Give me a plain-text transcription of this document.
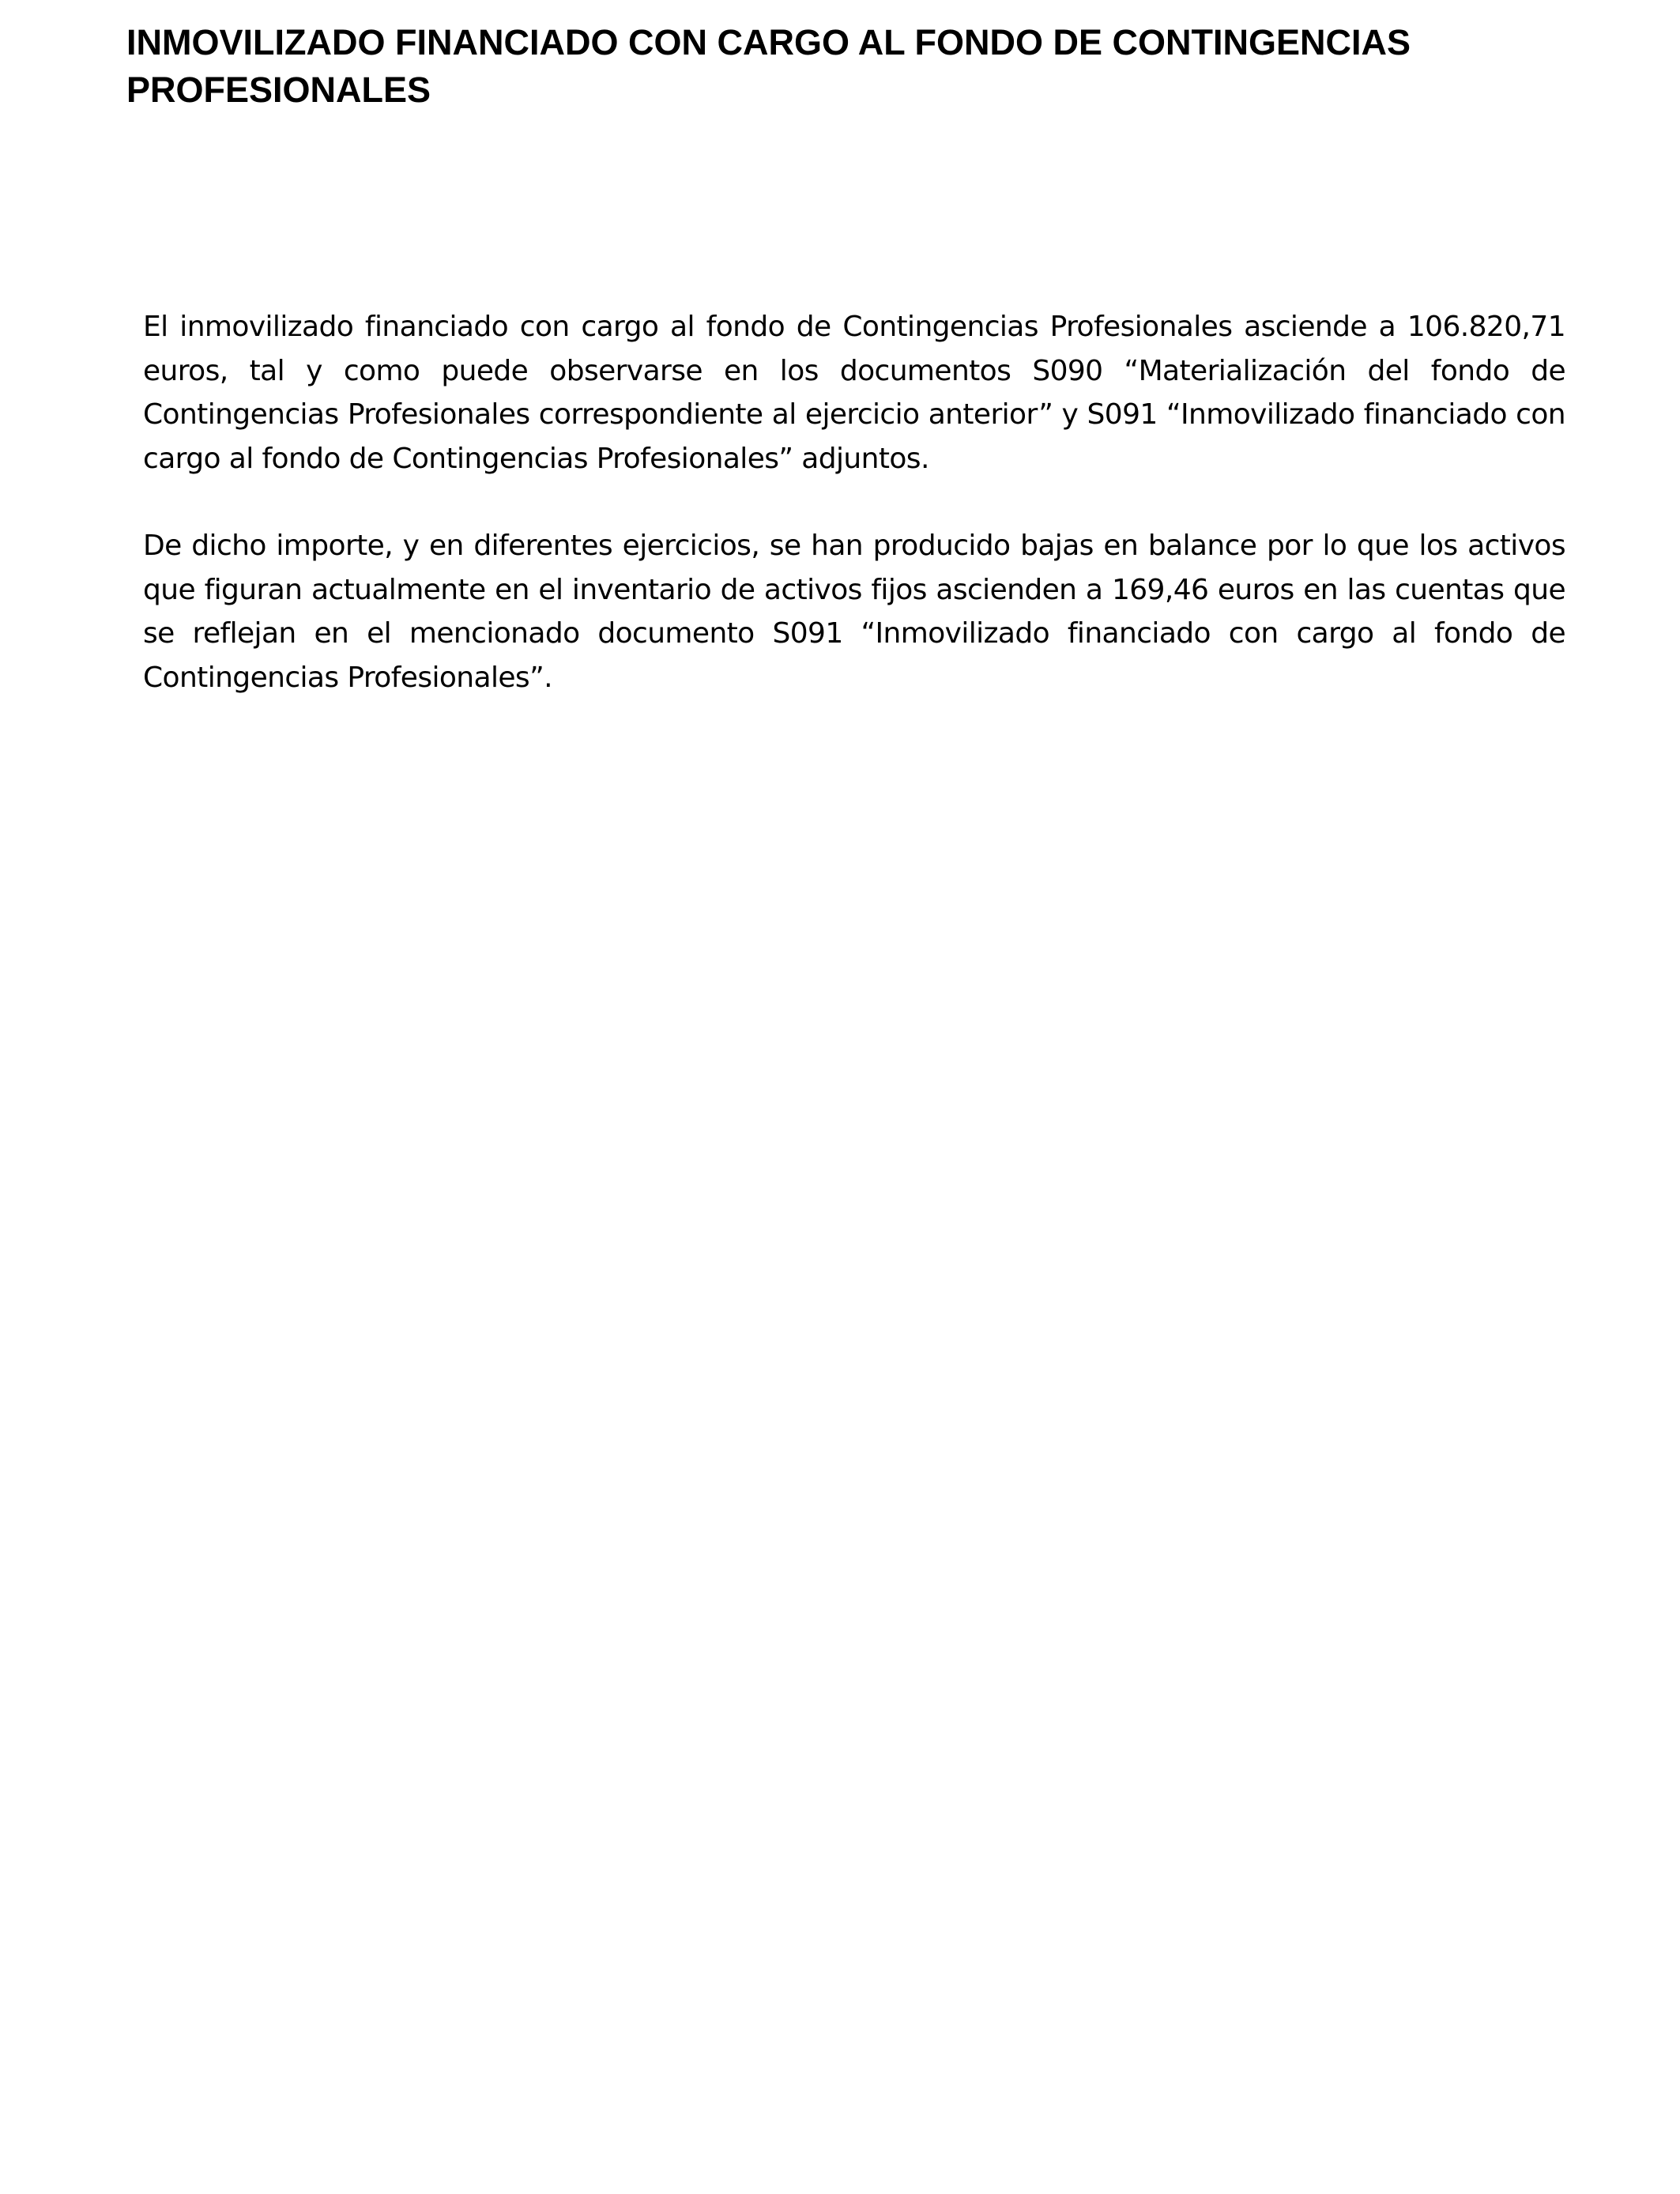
INMOVILIZADO FINANCIADO CON CARGO AL FONDO DE CONTINGENCIAS PROFESIONALES

El inmovilizado financiado con cargo al fondo de Contingencias Profesionales asciende a 106.820,71 euros, tal y como puede observarse en los documentos S090 “Materialización del fondo de Contingencias Profesionales correspondiente al ejercicio anterior” y S091 “Inmovilizado financiado con cargo al fondo de Contingencias Profesionales” adjuntos.

De dicho importe, y en diferentes ejercicios, se han producido bajas en balance por lo que los activos que figuran actualmente en el inventario de activos fijos ascienden a 169,46 euros en las cuentas que se reflejan en el mencionado documento S091 “Inmovilizado financiado con cargo al fondo de Contingencias Profesionales”.
